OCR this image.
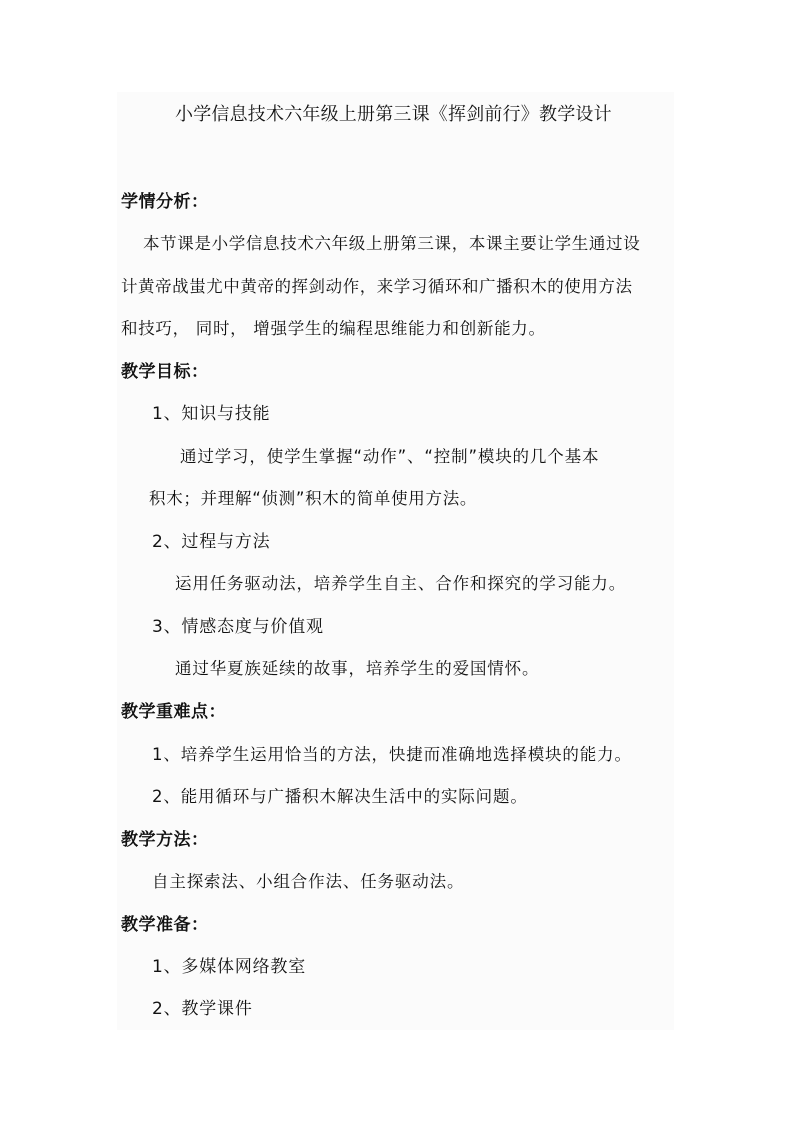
小学信息技术六年级上册第三课《挥剑前行》教学设计
学情分析：
本节课是小学信息技术六年级上册第三课，本课主要让学生通过设
计黄帝战蚩尤中黄帝的挥剑动作，来学习循环和广播积木的使用方法
和技巧， 同时， 增强学生的编程思维能力和创新能力。
教学目标：
1、知识与技能
通过学习，使学生掌握“动作”、“控制”模块的几个基本
积木；并理解“侦测”积木的简单使用方法。
2、过程与方法
运用任务驱动法，培养学生自主、合作和探究的学习能力。
3、情感态度与价值观
通过华夏族延续的故事，培养学生的爱国情怀。
教学重难点：
1、培养学生运用恰当的方法，快捷而准确地选择模块的能力。
2、能用循环与广播积木解决生活中的实际问题。
教学方法：
自主探索法、小组合作法、任务驱动法。
教学准备：
1、多媒体网络教室
2、教学课件
